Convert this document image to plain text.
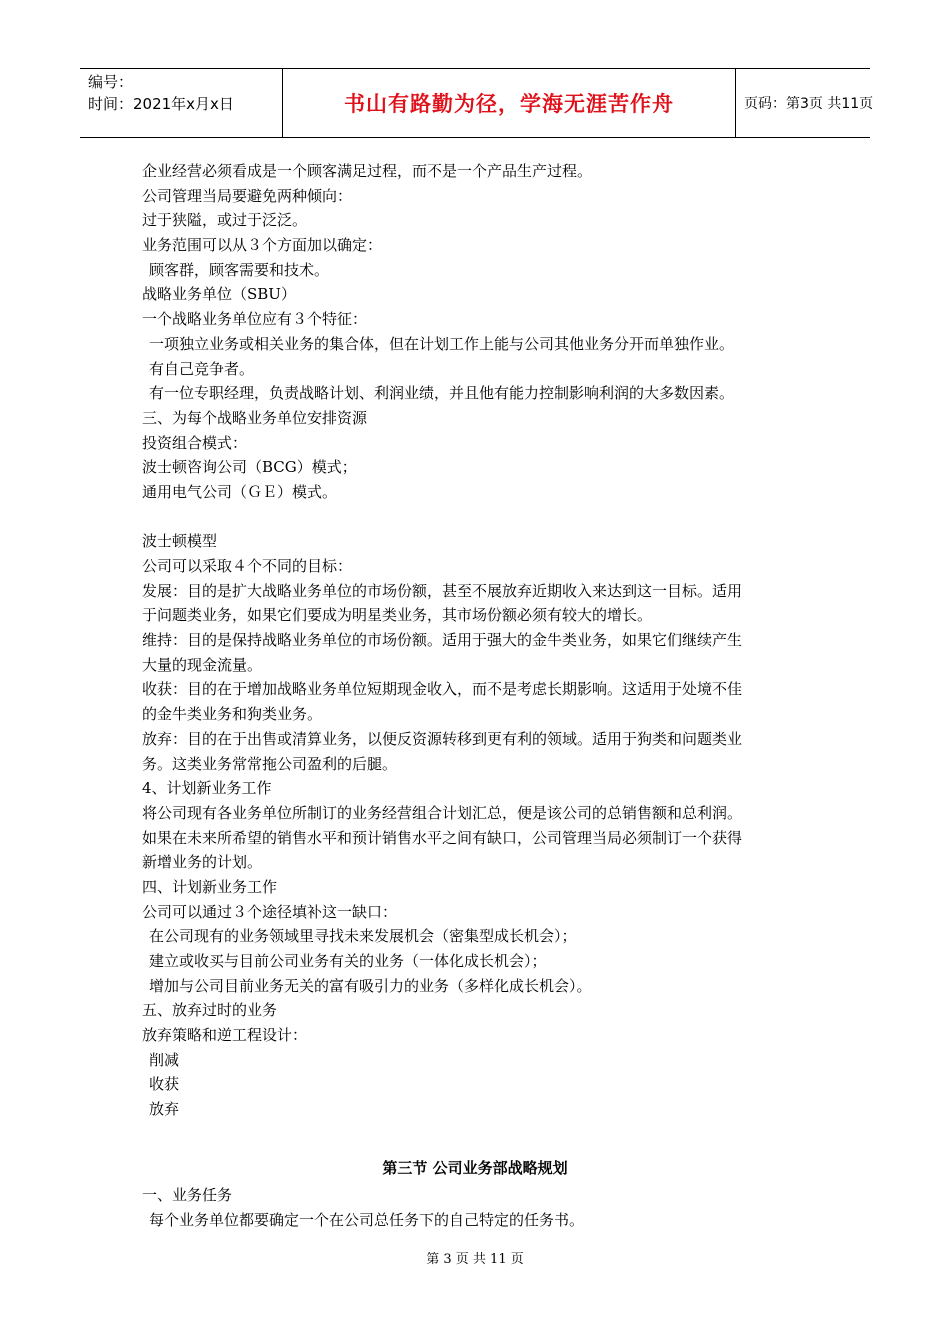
编号：
时间：2021年x月x日	书山有路勤为径，学海无涯苦作舟	页码：第3页 共11页
企业经营必须看成是一个顾客满足过程，而不是一个产品生产过程。
公司管理当局要避免两种倾向：
过于狭隘，或过于泛泛。
业务范围可以从３个方面加以确定：
顾客群，顾客需要和技术。
战略业务单位（SBU）
一个战略业务单位应有３个特征：
一项独立业务或相关业务的集合体，但在计划工作上能与公司其他业务分开而单独作业。
有自己竞争者。
有一位专职经理，负责战略计划、利润业绩，并且他有能力控制影响利润的大多数因素。
三、为每个战略业务单位安排资源
投资组合模式：
波士顿咨询公司（BCG）模式；
通用电气公司（ＧＥ）模式。
波士顿模型
公司可以采取４个不同的目标：
发展：目的是扩大战略业务单位的市场份额，甚至不展放弃近期收入来达到这一目标。适用
于问题类业务，如果它们要成为明星类业务，其市场份额必须有较大的增长。
维持：目的是保持战略业务单位的市场份额。适用于强大的金牛类业务，如果它们继续产生
大量的现金流量。
收获：目的在于增加战略业务单位短期现金收入，而不是考虑长期影响。这适用于处境不佳
的金牛类业务和狗类业务。
放弃：目的在于出售或清算业务，以便反资源转移到更有利的领域。适用于狗类和问题类业
务。这类业务常常拖公司盈利的后腿。
4、计划新业务工作
将公司现有各业务单位所制订的业务经营组合计划汇总，便是该公司的总销售额和总利润。
如果在未来所希望的销售水平和预计销售水平之间有缺口，公司管理当局必须制订一个获得
新增业务的计划。
四、计划新业务工作
公司可以通过３个途径填补这一缺口：
在公司现有的业务领域里寻找未来发展机会（密集型成长机会）；
建立或收买与目前公司业务有关的业务（一体化成长机会）；
增加与公司目前业务无关的富有吸引力的业务（多样化成长机会）。
五、放弃过时的业务
放弃策略和逆工程设计：
削减
收获
放弃
第三节 公司业务部战略规划
一、业务任务
每个业务单位都要确定一个在公司总任务下的自己特定的任务书。
第 3 页 共 11 页
